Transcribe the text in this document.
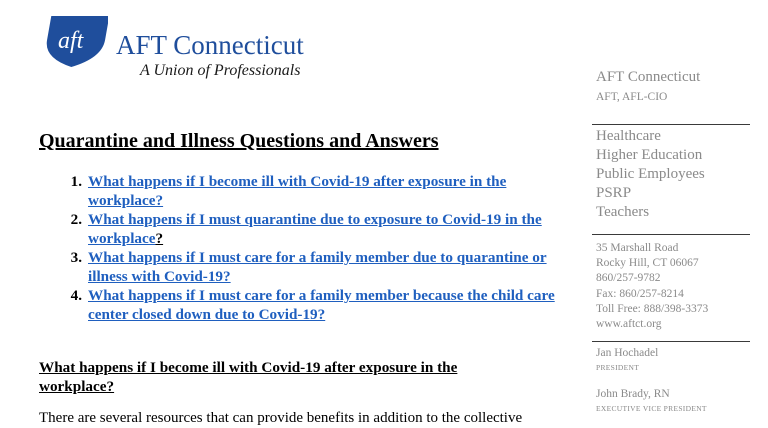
aft AFT Connecticut
A Union of Professionals
Quarantine and Illness Questions and Answers
1. What happens if I become ill with Covid-19 after exposure in the workplace?
2. What happens if I must quarantine due to exposure to Covid-19 in the workplace?
3. What happens if I must care for a family member due to quarantine or illness with Covid-19?
4. What happens if I must care for a family member because the child care center closed down due to Covid-19?
What happens if I become ill with Covid-19 after exposure in the workplace?
There are several resources that can provide benefits in addition to the collective
AFT Connecticut
AFT, AFL-CIO
Healthcare
Higher Education
Public Employees
PSRP
Teachers
35 Marshall Road
Rocky Hill, CT 06067
860/257-9782
Fax: 860/257-8214
Toll Free: 888/398-3373
www.aftct.org
Jan Hochadel
PRESIDENT
John Brady, RN
EXECUTIVE VICE PRESIDENT
